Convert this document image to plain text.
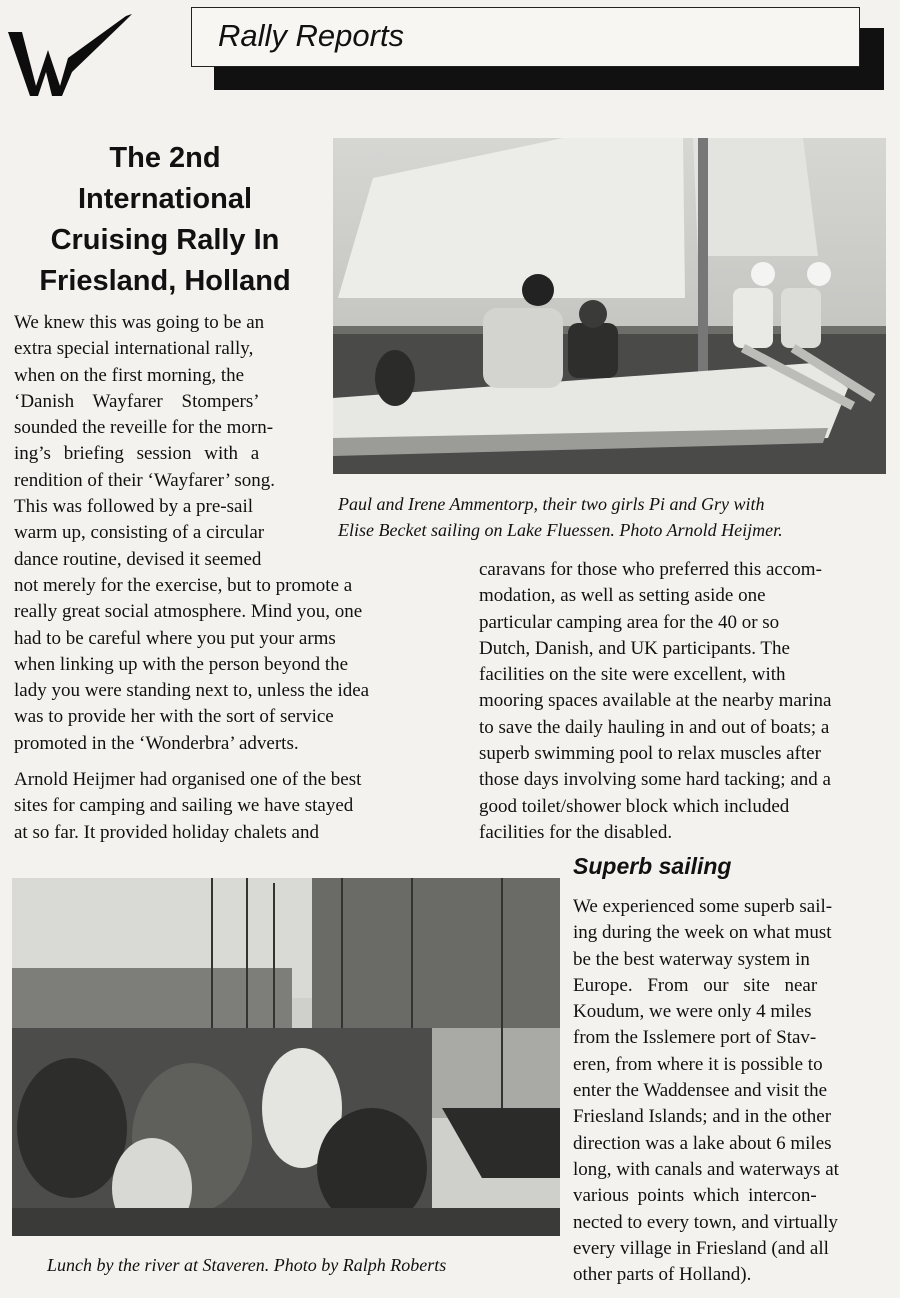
Rally Reports
The 2nd
International
Cruising Rally In
Friesland, Holland

We knew this was going to be an

extra special international rally,

when on the first morning, the

‘Danish Wayfarer Stompers’

sounded the reveille for the morn-

ing’s briefing session with a

rendition of their ‘Wayfarer’ song.

This was followed by a pre-sail

warm up, consisting of a circular

dance routine, devised it seemed

not merely for the exercise, but to promote a

really great social atmosphere. Mind you, one

had to be careful where you put your arms

when linking up with the person beyond the

lady you were standing next to, unless the idea

was to provide her with the sort of service

promoted in the ‘Wonderbra’ adverts.

Arnold Heijmer had organised one of the best

sites for camping and sailing we have stayed

at so far. It provided holiday chalets and

caravans for those who preferred this accom-

modation, as well as setting aside one

particular camping area for the 40 or so

Dutch, Danish, and UK participants. The

facilities on the site were excellent, with

mooring spaces available at the nearby marina

to save the daily hauling in and out of boats; a

superb swimming pool to relax muscles after

those days involving some hard tacking; and a

good toilet/shower block which included

facilities for the disabled.

Superb sailing

We experienced some superb sail-

ing during the week on what must

be the best waterway system in

Europe. From our site near

Koudum, we were only 4 miles

from the Isslemere port of Stav-

eren, from where it is possible to

enter the Waddensee and visit the

Friesland Islands; and in the other

direction was a lake about 6 miles

long, with canals and waterways at

various points which intercon-

nected to every town, and virtually

every village in Friesland (and all

other parts of Holland).

Paul and Irene Ammentorp, their two girls Pi and Gry with
Elise Becket sailing on Lake Fluessen. Photo Arnold Heijmer.
Lunch by the river at Staveren. Photo by Ralph Roberts
